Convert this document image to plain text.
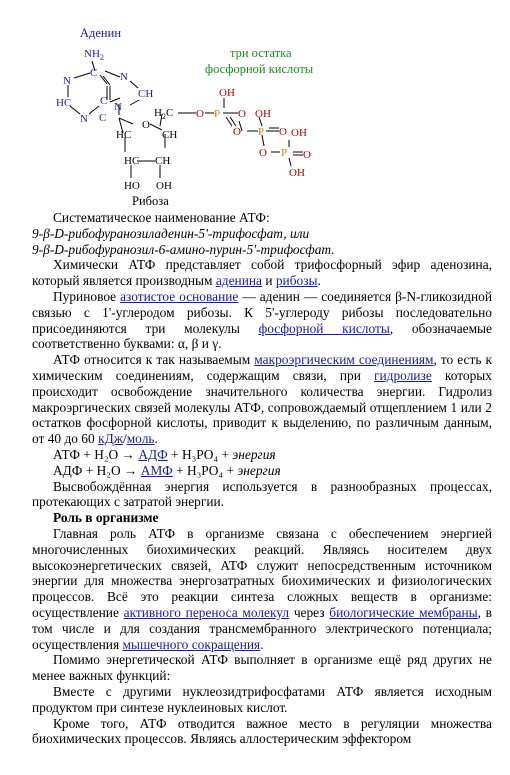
Аденин
три остатка
фосфорной кислоты
Рибоза
$NH_2$
N
C N
CH
HC	C
N C
N	$H_2C$ O P
OH
O
O
P
OH
O
O P
OH
O
OH
O
HC	CH
HC CH
HO OH

Систематическое наименование АТФ:

9-β-D-рибофуранозиладенин-5'-трифосфат, или

9-β-D-рибофуранозил-6-амино-пурин-5'-трифосфат.

Химически АТФ представляет собой трифосфорный эфир аденозина, который является производным аденина и рибозы.

Пуриновое азотистое основание — аденин — соединяется β-N-гликозидной связью с 1'-углеродом рибозы. К 5'-углероду рибозы последовательно присоединяются три молекулы фосфорной кислоты, обозначаемые соответственно буквами: α, β и γ.

АТФ относится к так называемым макроэргическим соединениям, то есть к химическим соединениям, содержащим связи, при гидролизе которых происходит освобождение значительного количества энергии. Гидролиз макроэргических связей молекулы АТФ, сопровождаемый отщеплением 1 или 2 остатков фосфорной кислоты, приводит к выделению, по различным данным, от 40 до 60 кДж/моль.

АТФ + H₂O → АДФ + H₃PO₄ + энергия

АДФ + H₂O → АМФ + H₃PO₄ + энергия

Высвобождённая энергия используется в разнообразных процессах, протекающих с затратой энергии.

Роль в организме

Главная роль АТФ в организме связана с обеспечением энергией многочисленных биохимических реакций. Являясь носителем двух высокоэнергетических связей, АТФ служит непосредственным источником энергии для множества энергозатратных биохимических и физиологических процессов. Всё это реакции синтеза сложных веществ в организме: осуществление активного переноса молекул через биологические мембраны, в том числе и для создания трансмембранного электрического потенциала; осуществления мышечного сокращения.

Помимо энергетической АТФ выполняет в организме ещё ряд других не менее важных функций:

Вместе с другими нуклеозидтрифосфатами АТФ является исходным продуктом при синтезе нуклеиновых кислот.

Кроме того, АТФ отводится важное место в регуляции множества биохимических процессов. Являясь аллостерическим эффектором
